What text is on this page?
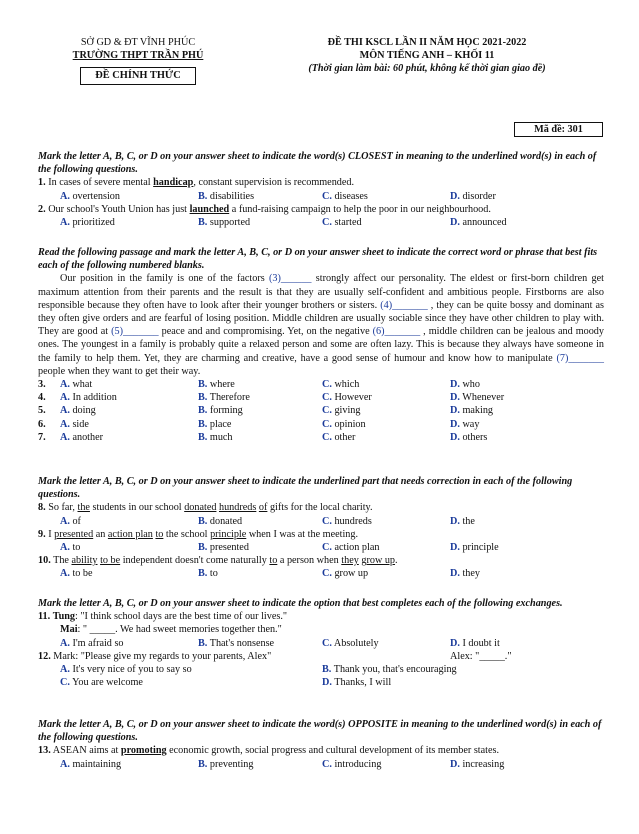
SỞ GD & ĐT VĨNH PHÚC
TRƯỜNG THPT TRẦN PHÚ
ĐỀ CHÍNH THỨC
ĐỀ THI KSCL LẦN II NĂM HỌC 2021-2022
MÔN TIẾNG ANH – KHỐI 11
(Thời gian làm bài: 60 phút, không kể thời gian giao đề)
Mã đề: 301
Mark the letter A, B, C, or D on your answer sheet to indicate the word(s) CLOSEST in meaning to the underlined word(s) in each of the following questions.
1. In cases of severe mental handicap, constant supervision is recommended.
A. overtension	B. disabilities	C. diseases	D. disorder
2. Our school's Youth Union has just launched a fund-raising campaign to help the poor in our neighbourhood.
A. prioritized	B. supported	C. started	D. announced
Read the following passage and mark the letter A, B, C, or D on your answer sheet to indicate the correct word or phrase that best fits each of the following numbered blanks.
Our position in the family is one of the factors (3)______ strongly affect our personality. The eldest or first-born children get maximum attention from their parents and the result is that they are usually self-confident and ambitious people. Firstborns are also responsible because they often have to look after their younger brothers or sisters. (4)_______ , they can be quite bossy and dominant as they often give orders and are fearful of losing position. Middle children are usually sociable since they have other children to play with. They are good at (5)_______ peace and and compromising. Yet, on the negative (6)_______ , middle children can be jealous and moody ones. The youngest in a family is probably quite a relaxed person and some are often lazy. This is because they always have someone in the family to help them. Yet, they are charming and creative, have a good sense of humour and know how to manipulate (7)_______ people when they want to get their way.
3. A. what	B. where	C. which	D. who
4. A. In addition	B. Therefore	C. However	D. Whenever
5. A. doing	B. forming	C. giving	D. making
6. A. side	B. place	C. opinion	D. way
7. A. another	B. much	C. other	D. others
Mark the letter A, B, C, or D on your answer sheet to indicate the underlined part that needs correction in each of the following questions.
8. So far, the students in our school donated hundreds of gifts for the local charity.
A. of	B. donated	C. hundreds	D. the
9. I presented an action plan to the school principle when I was at the meeting.
A. to	B. presented	C. action plan	D. principle
10. The ability to be independent doesn't come naturally to a person when they grow up.
A. to be	B. to	C. grow up	D. they
Mark the letter A, B, C, or D on your answer sheet to indicate the option that best completes each of the following exchanges.
11. Tung: "I think school days are the best time of our lives."
Mai: " _____. We had sweet memories together then."
A. I'm afraid so	B. That's nonsense	C. Absolutely	D. I doubt it
12. Mark: "Please give my regards to your parents, Alex"	Alex: "_____."
A. It's very nice of you to say so	B. Thank you, that's encouraging
C. You are welcome	D. Thanks, I will
Mark the letter A, B, C, or D on your answer sheet to indicate the word(s) OPPOSITE in meaning to the underlined word(s) in each of the following questions.
13. ASEAN aims at promoting economic growth, social progress and cultural development of its member states.
A. maintaining	B. preventing	C. introducing	D. increasing
